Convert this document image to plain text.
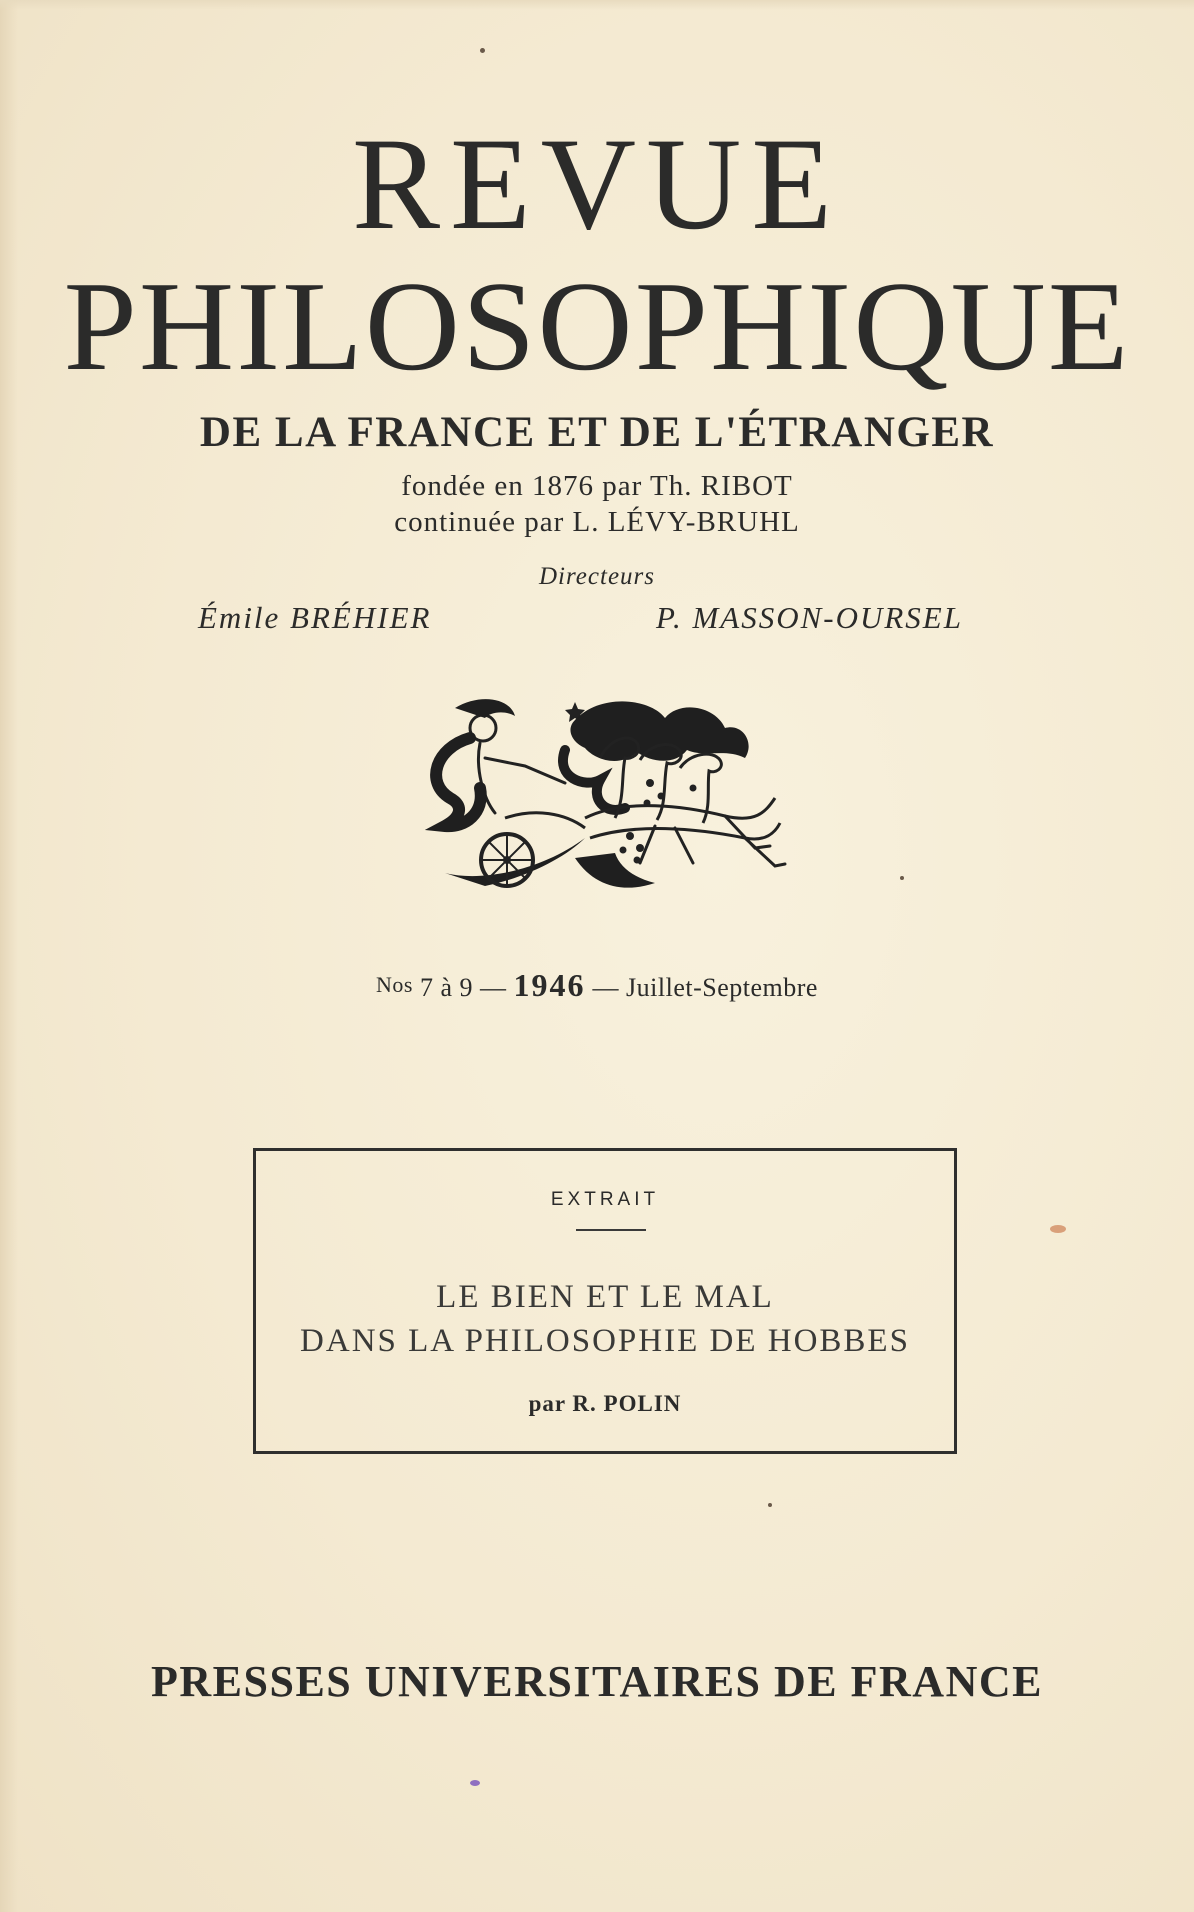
REVUE
PHILOSOPHIQUE
DE LA FRANCE ET DE L'ÉTRANGER
fondée en 1876 par Th. RIBOT
continuée par L. LÉVY-BRUHL
Directeurs
Émile BRÉHIER	P. MASSON-OURSEL
Nos 7 à 9 — 1946 — Juillet-Septembre
EXTRAIT
LE BIEN ET LE MAL
DANS LA PHILOSOPHIE DE HOBBES
par R. POLIN
PRESSES UNIVERSITAIRES DE FRANCE
